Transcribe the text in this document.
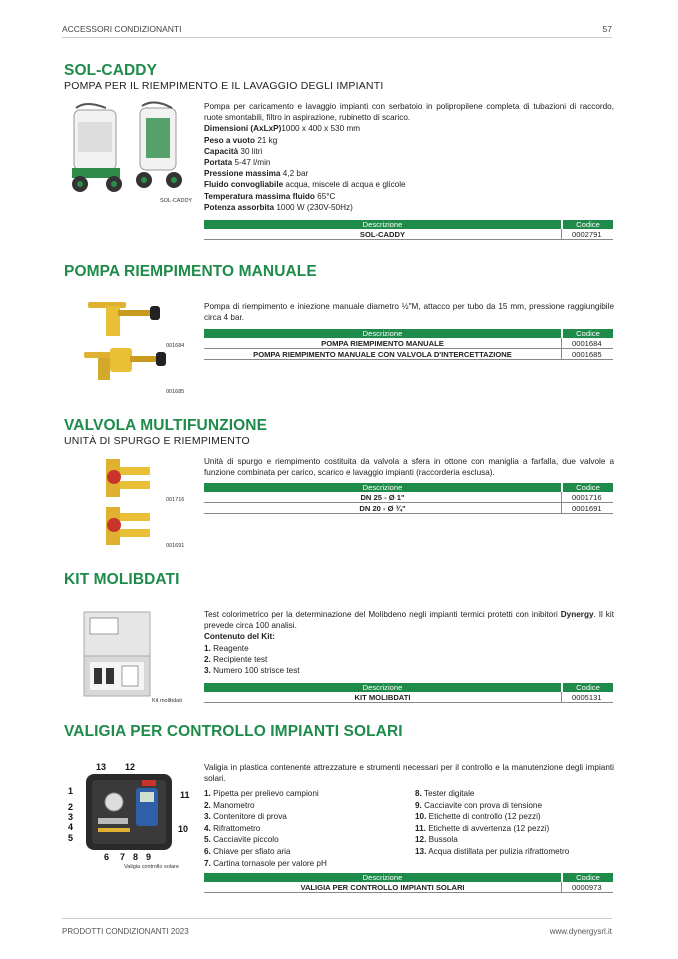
ACCESSORI CONDIZIONANTI	57
SOL-CADDY
POMPA PER IL RIEMPIMENTO E IL LAVAGGIO DEGLI IMPIANTI
SOL-CADDY
Pompa per caricamento e lavaggio impianti con serbatoio in polipropilene completa di tubazioni di raccordo, ruote smontabili, filtro in aspirazione, rubinetto di scarico.
Dimensioni (AxLxP)1000 x 400 x 530 mm
Peso a vuoto 21 kg
Capacità 30 litri
Portata 5-47 l/min
Pressione massima 4,2 bar
Fluido convogliabile acqua, miscele di acqua e glicole
Temperatura massima fluido 65°C
Potenza assorbita 1000 W (230V-50Hz)
Descrizione	Codice
SOL-CADDY	0002791
POMPA RIEMPIMENTO MANUALE
001684
001685
Pompa di riempimento e iniezione manuale diametro ½"M, attacco per tubo da 15 mm, pressione raggiungibile circa 4 bar.
Descrizione	Codice
POMPA RIEMPIMENTO MANUALE	0001684
POMPA RIEMPIMENTO MANUALE CON VALVOLA D'INTERCETTAZIONE	0001685
VALVOLA MULTIFUNZIONE
UNITÀ DI SPURGO E RIEMPIMENTO
001716
001691
Unità di spurgo e riempimento costituita da valvola a sfera in ottone con maniglia a farfalla, due valvole a funzione combinata per carico, scarico e lavaggio impianti (raccorderia esclusa).
Descrizione	Codice
DN 25 - Ø 1"	0001716
DN 20 - Ø ¾"	0001691
KIT MOLIBDATI
Kit molibdati
Test colorimetrico per la determinazione del Molibdeno negli impianti termici protetti con inibitori Dynergy. Il kit prevede circa 100 analisi.
Contenuto del Kit:
1. Reagente
2. Recipiente test
3. Numero 100 strisce test
Descrizione	Codice
KIT MOLIBDATI	0005131
VALIGIA PER CONTROLLO IMPIANTI SOLARI
13 12
11
1
2
3
4
5
10
6 7 8 9
Valigia controllo solare
Valigia in plastica contenente attrezzature e strumenti necessari per il controllo e la manutenzione degli impianti solari.
1. Pipetta per prelievo campioni
2. Manometro
3. Contenitore di prova
4. Rifrattometro
5. Cacciavite piccolo
6. Chiave per sfiato aria
7. Cartina tornasole per valore pH
8. Tester digitale
9. Cacciavite con prova di tensione
10. Etichette di controllo (12 pezzi)
11. Etichette di avvertenza (12 pezzi)
12. Bussola
13. Acqua distillata per pulizia rifrattometro
Descrizione	Codice
VALIGIA PER CONTROLLO IMPIANTI SOLARI	0000973
PRODOTTI CONDIZIONANTI 2023	www.dynergysrl.it
